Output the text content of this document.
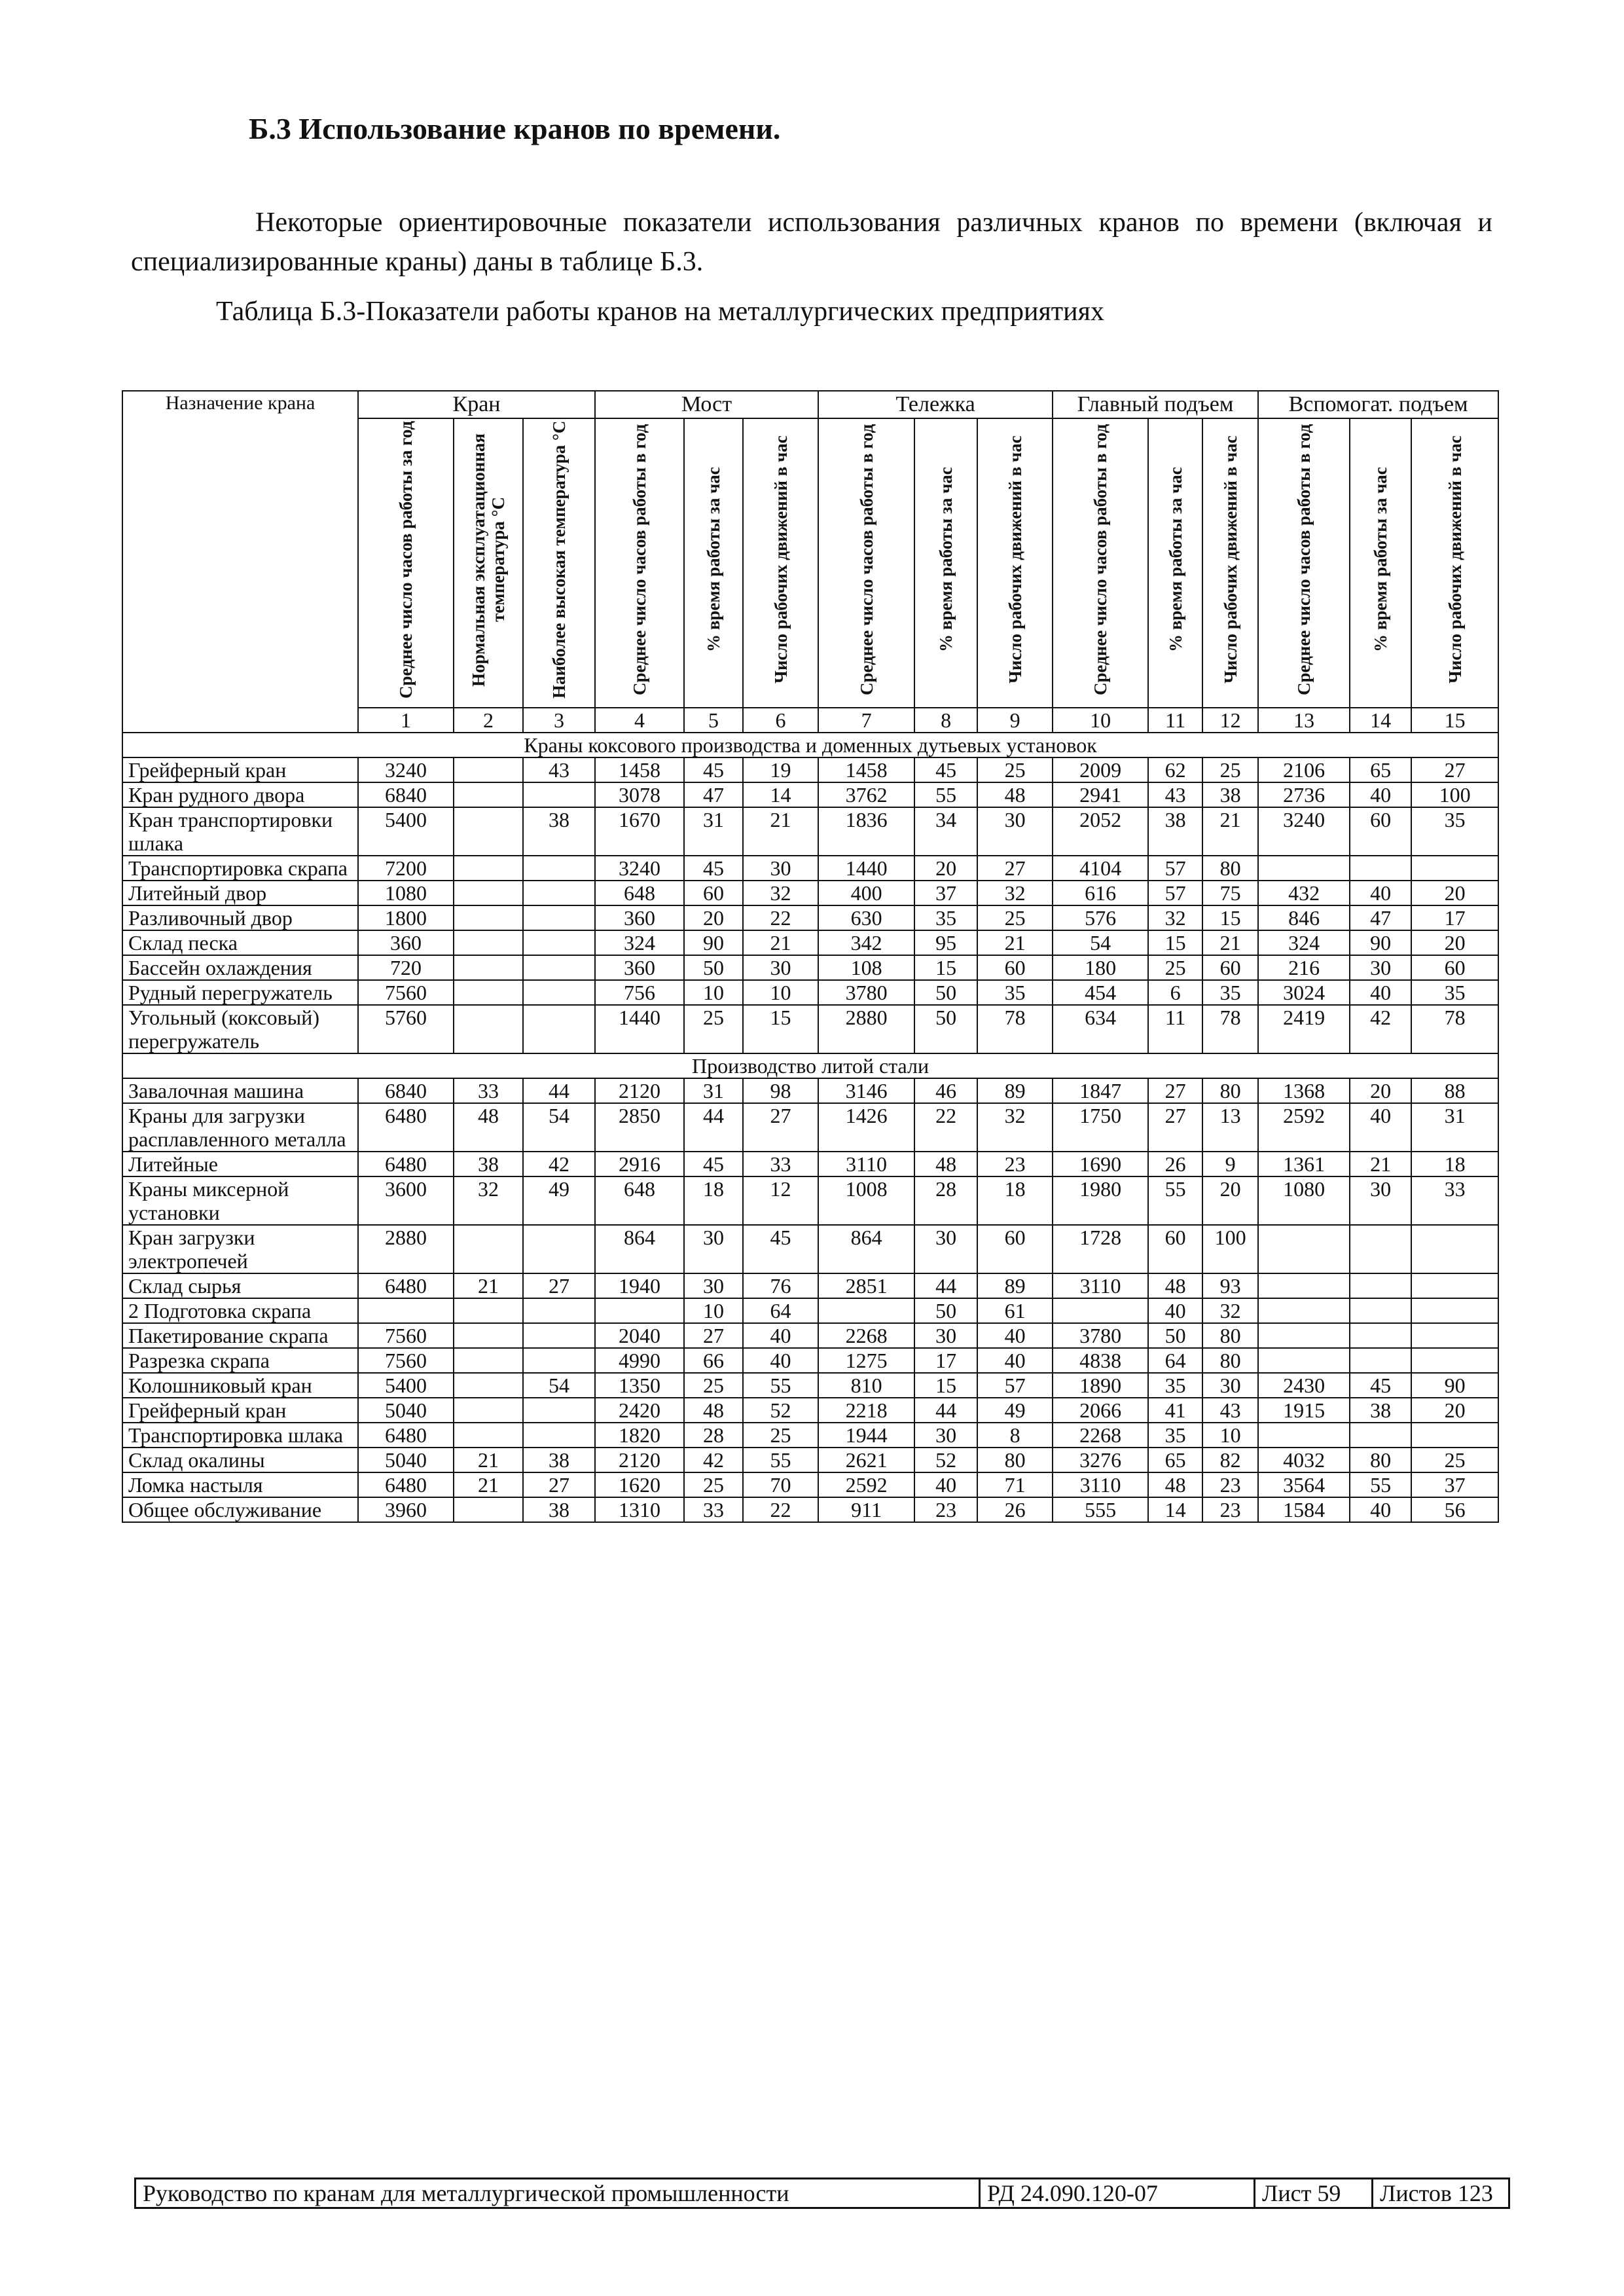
Б.3 Использование кранов по времени.

Некоторые ориентировочные показатели использования различных кранов по времени (включая и специализированные краны) даны в таблице Б.3.

Таблица Б.3-Показатели работы кранов на металлургических предприятиях

Назначение крана	Кран			Мост			Тележка			Главный подъем			Вспомогат. подъем		

	Среднее число часов работы за год	Нормальная эксплуатационная температура °C	Наиболее высокая температура °C	Среднее число часов работы в год	% время работы за час	Число рабочих движений в час	Среднее число часов работы в год	% время работы за час	Число рабочих движений в час	Среднее число часов работы в год	% время работы за час	Число рабочих движений в час	Среднее число часов работы в год	% время работы за час	Число рабочих движений в час

	1	2	3	4	5	6	7	8	9	10	11	12	13	14	15
Краны коксового производства и доменных дутьевых установок															
Грейферный кран	3240		43	1458	45	19	1458	45	25	2009	62	25	2106	65	27
Кран рудного двора	6840			3078	47	14	3762	55	48	2941	43	38	2736	40	100
Кран транспортировки шлака	5400		38	1670	31	21	1836	34	30	2052	38	21	3240	60	35
Транспортировка скрапа	7200			3240	45	30	1440	20	27	4104	57	80			
Литейный двор	1080			648	60	32	400	37	32	616	57	75	432	40	20
Разливочный двор	1800			360	20	22	630	35	25	576	32	15	846	47	17
Склад песка	360			324	90	21	342	95	21	54	15	21	324	90	20
Бассейн охлаждения	720			360	50	30	108	15	60	180	25	60	216	30	60
Рудный перегружатель	7560			756	10	10	3780	50	35	454	6	35	3024	40	35
Угольный (коксовый) перегружатель	5760			1440	25	15	2880	50	78	634	11	78	2419	42	78
Производство литой стали															
Завалочная машина	6840	33	44	2120	31	98	3146	46	89	1847	27	80	1368	20	88
Краны для загрузки расплавленного металла	6480	48	54	2850	44	27	1426	22	32	1750	27	13	2592	40	31
Литейные	6480	38	42	2916	45	33	3110	48	23	1690	26	9	1361	21	18
Краны миксерной установки	3600	32	49	648	18	12	1008	28	18	1980	55	20	1080	30	33
Кран загрузки электропечей	2880			864	30	45	864	30	60	1728	60	100			
Склад сырья	6480	21	27	1940	30	76	2851	44	89	3110	48	93			
2 Подготовка скрапа					10	64		50	61		40	32			
Пакетирование скрапа	7560			2040	27	40	2268	30	40	3780	50	80			
Разрезка скрапа	7560			4990	66	40	1275	17	40	4838	64	80			
Колошниковый кран	5400		54	1350	25	55	810	15	57	1890	35	30	2430	45	90
Грейферный кран	5040			2420	48	52	2218	44	49	2066	41	43	1915	38	20
Транспортировка шлака	6480			1820	28	25	1944	30	8	2268	35	10			
Склад окалины	5040	21	38	2120	42	55	2621	52	80	3276	65	82	4032	80	25
Ломка настыля	6480	21	27	1620	25	70	2592	40	71	3110	48	23	3564	55	37
Общее обслуживание	3960		38	1310	33	22	911	23	26	555	14	23	1584	40	56
Руководство по кранам для металлургической промышленности	РД 24.090.120-07	Лист 59	Листов 123
